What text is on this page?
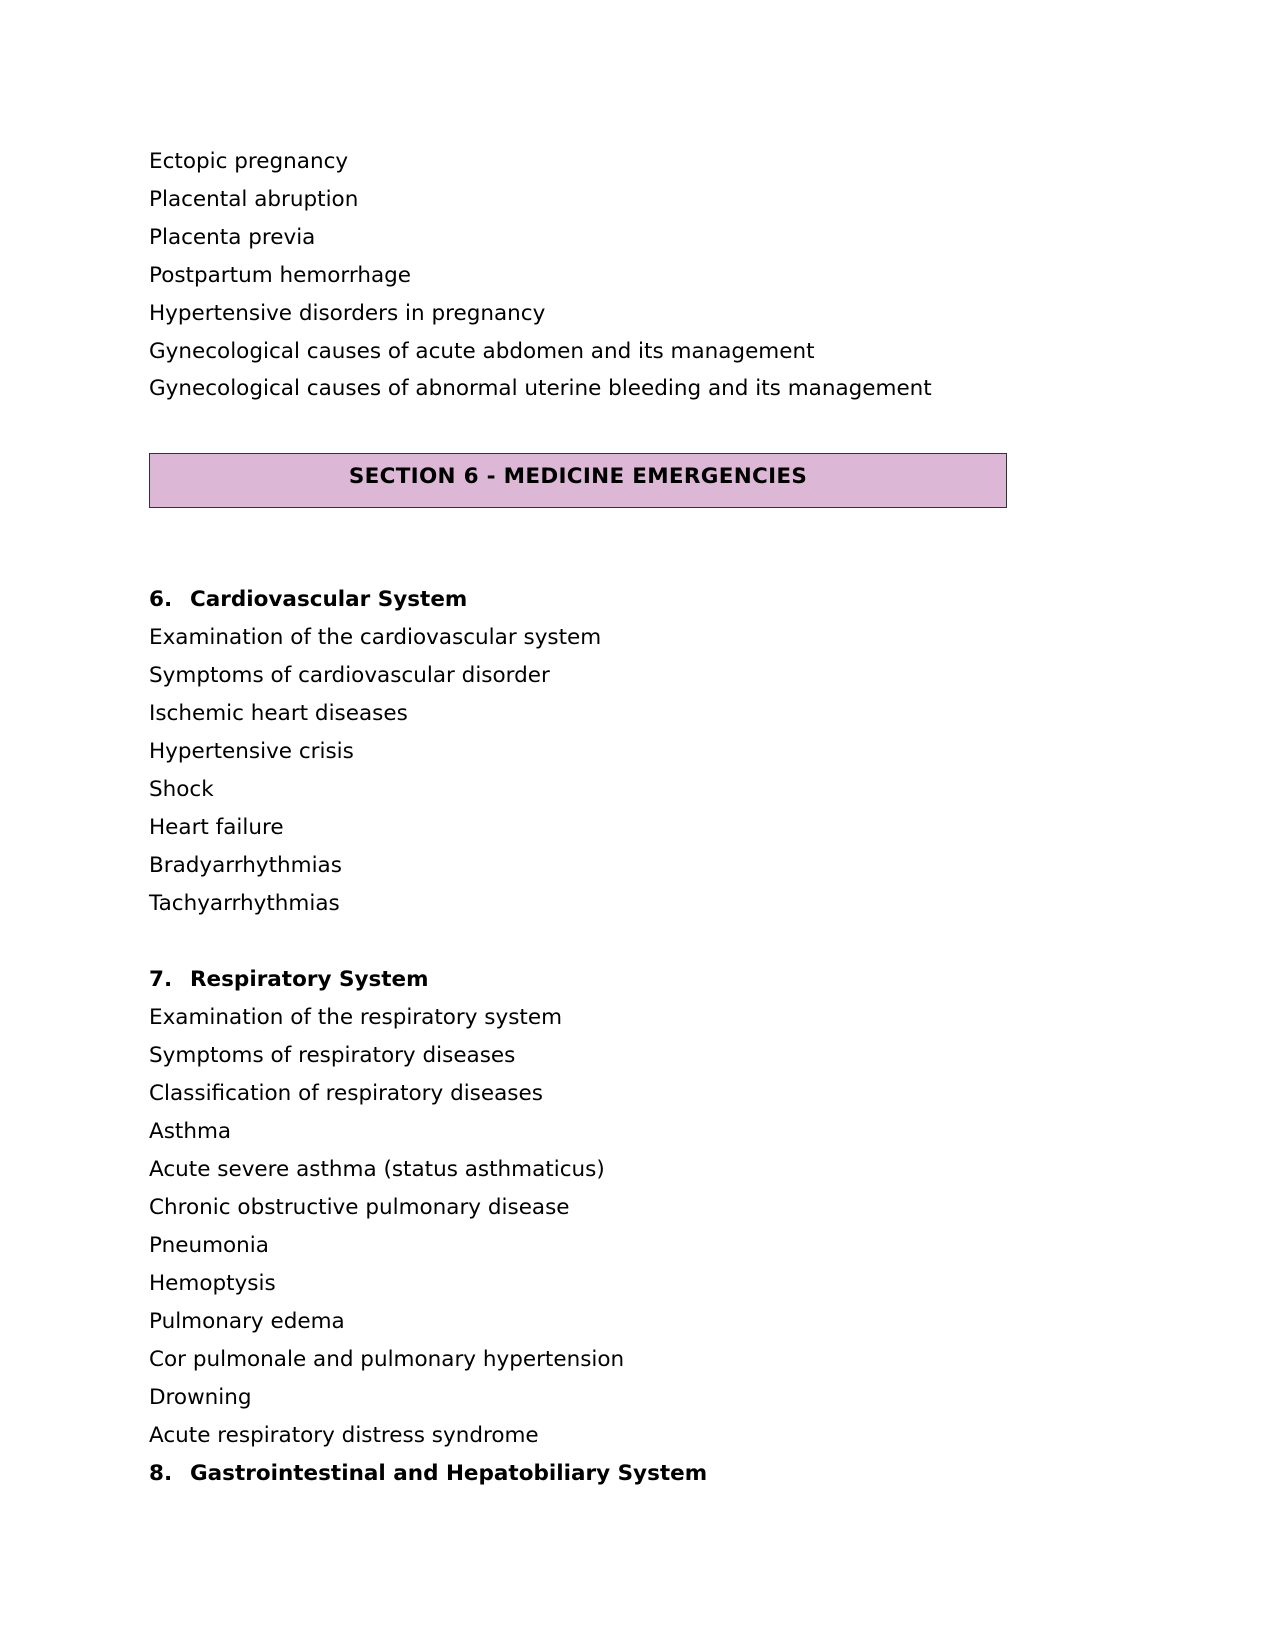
Ectopic pregnancy
Placental abruption
Placenta previa
Postpartum hemorrhage
Hypertensive disorders in pregnancy
Gynecological causes of acute abdomen and its management
Gynecological causes of abnormal uterine bleeding and its management
6. Cardiovascular System
Examination of the cardiovascular system
Symptoms of cardiovascular disorder
Ischemic heart diseases
Hypertensive crisis
Shock
Heart failure
Bradyarrhythmias
Tachyarrhythmias
7. Respiratory System
Examination of the respiratory system
Symptoms of respiratory diseases
Classification of respiratory diseases
Asthma
Acute severe asthma (status asthmaticus)
Chronic obstructive pulmonary disease
Pneumonia
Hemoptysis
Pulmonary edema
Cor pulmonale and pulmonary hypertension
Drowning
Acute respiratory distress syndrome
8. Gastrointestinal and Hepatobiliary System
SECTION 6 - MEDICINE EMERGENCIES
